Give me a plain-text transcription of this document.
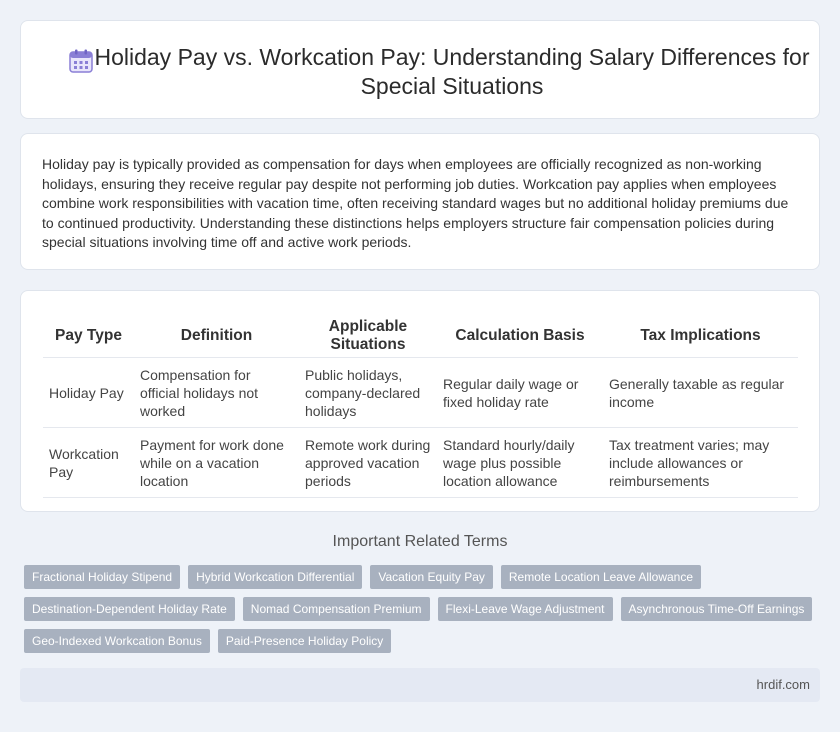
Holiday Pay vs. Workcation Pay: Understanding Salary Differences for Special Situations

Holiday pay is typically provided as compensation for days when employees are officially recognized as non-working holidays, ensuring they receive regular pay despite not performing job duties. Workcation pay applies when employees combine work responsibilities with vacation time, often receiving standard wages but no additional holiday premiums due to continued productivity. Understanding these distinctions helps employers structure fair compensation policies during special situations involving time off and active work periods.

Pay Type	Definition	Applicable Situations	Calculation Basis	Tax Implications
Holiday Pay	Compensation for official holidays not worked	Public holidays, company-declared holidays	Regular daily wage or fixed holiday rate	Generally taxable as regular income
Workcation Pay	Payment for work done while on a vacation location	Remote work during approved vacation periods	Standard hourly/daily wage plus possible location allowance	Tax treatment varies; may include allowances or reimbursements
Important Related Terms
Fractional Holiday Stipend	Hybrid Workcation Differential	Vacation Equity Pay	Remote Location Leave Allowance
Destination-Dependent Holiday Rate	Nomad Compensation Premium	Flexi-Leave Wage Adjustment	Asynchronous Time-Off Earnings
Geo-Indexed Workcation Bonus	Paid-Presence Holiday Policy
hrdif.com
